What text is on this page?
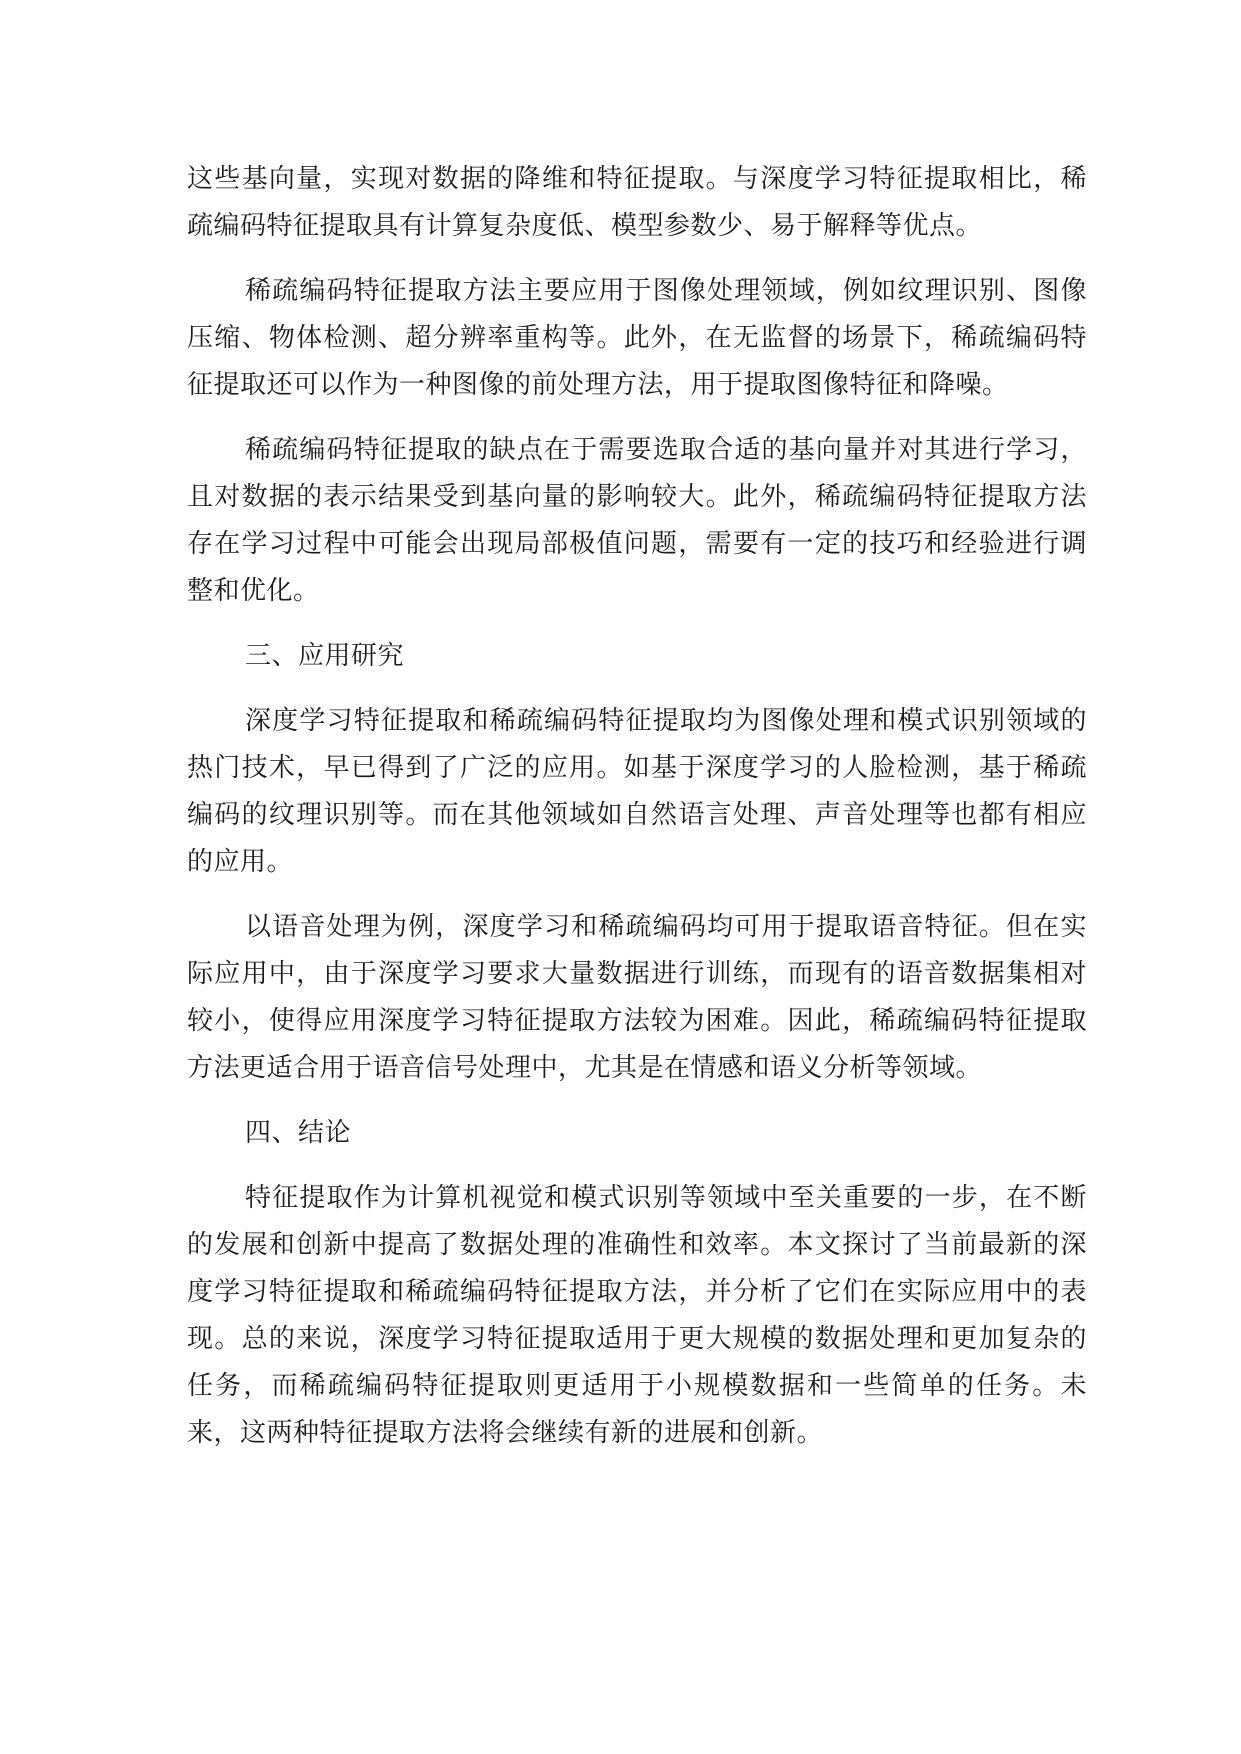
这些基向量，实现对数据的降维和特征提取。与深度学习特征提取相比，稀疏编码特征提取具有计算复杂度低、模型参数少、易于解释等优点。

稀疏编码特征提取方法主要应用于图像处理领域，例如纹理识别、图像压缩、物体检测、超分辨率重构等。此外，在无监督的场景下，稀疏编码特征提取还可以作为一种图像的前处理方法，用于提取图像特征和降噪。

稀疏编码特征提取的缺点在于需要选取合适的基向量并对其进行学习，且对数据的表示结果受到基向量的影响较大。此外，稀疏编码特征提取方法存在学习过程中可能会出现局部极值问题，需要有一定的技巧和经验进行调整和优化。

三、应用研究

深度学习特征提取和稀疏编码特征提取均为图像处理和模式识别领域的热门技术，早已得到了广泛的应用。如基于深度学习的人脸检测，基于稀疏编码的纹理识别等。而在其他领域如自然语言处理、声音处理等也都有相应的应用。

以语音处理为例，深度学习和稀疏编码均可用于提取语音特征。但在实际应用中，由于深度学习要求大量数据进行训练，而现有的语音数据集相对较小，使得应用深度学习特征提取方法较为困难。因此，稀疏编码特征提取方法更适合用于语音信号处理中，尤其是在情感和语义分析等领域。

四、结论

特征提取作为计算机视觉和模式识别等领域中至关重要的一步，在不断的发展和创新中提高了数据处理的准确性和效率。本文探讨了当前最新的深度学习特征提取和稀疏编码特征提取方法，并分析了它们在实际应用中的表现。总的来说，深度学习特征提取适用于更大规模的数据处理和更加复杂的任务，而稀疏编码特征提取则更适用于小规模数据和一些简单的任务。未来，这两种特征提取方法将会继续有新的进展和创新。
